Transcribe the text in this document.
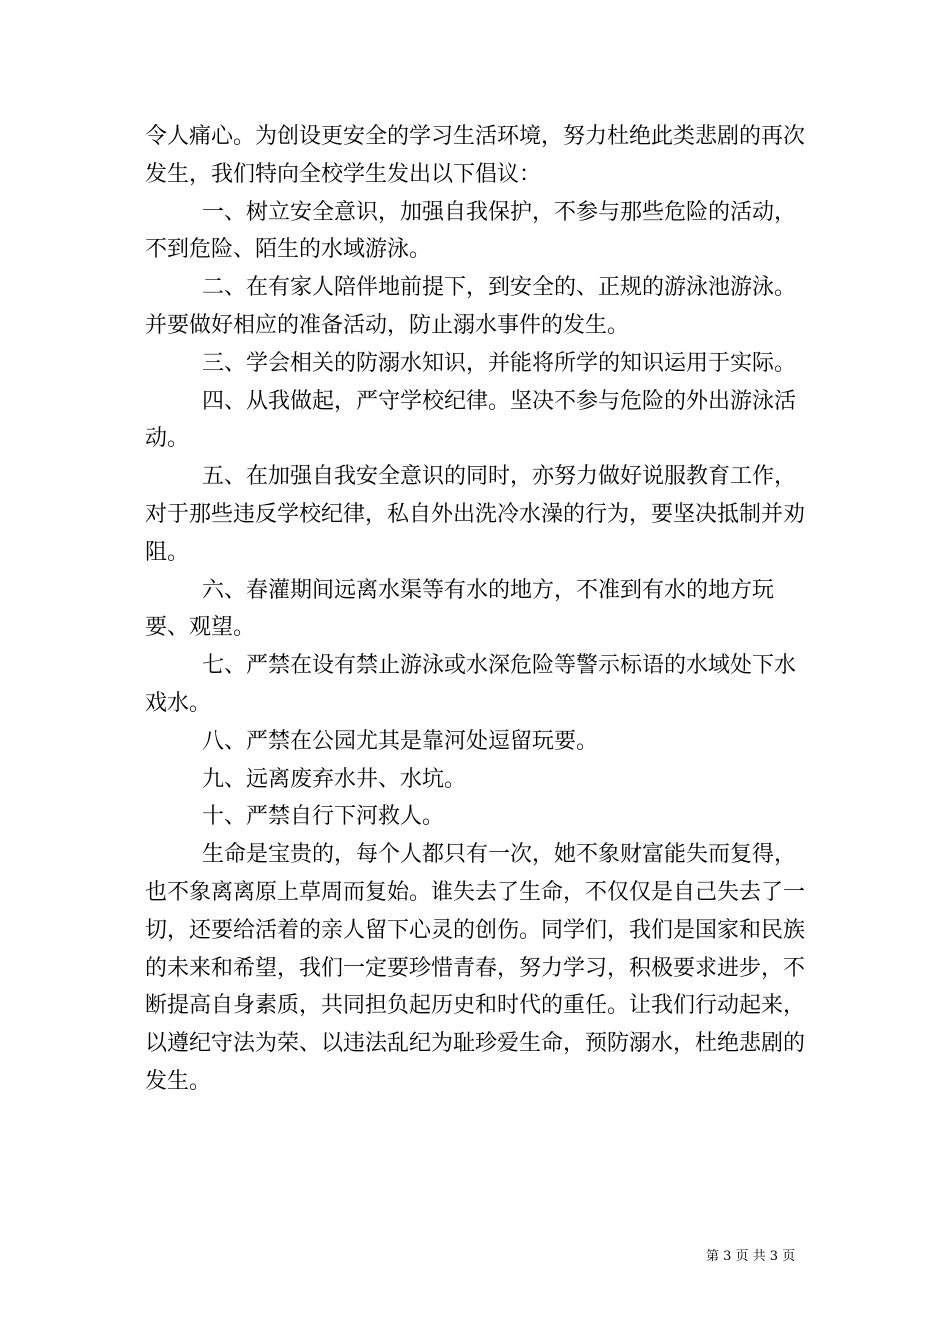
令人痛心。为创设更安全的学习生活环境，努力杜绝此类悲剧的再次发生，我们特向全校学生发出以下倡议：

一、树立安全意识，加强自我保护，不参与那些危险的活动，不到危险、陌生的水域游泳。

二、在有家人陪伴地前提下，到安全的、正规的游泳池游泳。并要做好相应的准备活动，防止溺水事件的发生。

三、学会相关的防溺水知识，并能将所学的知识运用于实际。

四、从我做起，严守学校纪律。坚决不参与危险的外出游泳活动。

五、在加强自我安全意识的同时，亦努力做好说服教育工作，对于那些违反学校纪律，私自外出洗冷水澡的行为，要坚决抵制并劝阻。

六、春灌期间远离水渠等有水的地方，不准到有水的地方玩要、观望。

七、严禁在设有禁止游泳或水深危险等警示标语的水域处下水戏水。

八、严禁在公园尤其是靠河处逗留玩要。

九、远离废弃水井、水坑。

十、严禁自行下河救人。

生命是宝贵的，每个人都只有一次，她不象财富能失而复得，也不象离离原上草周而复始。谁失去了生命，不仅仅是自己失去了一切，还要给活着的亲人留下心灵的创伤。同学们，我们是国家和民族的未来和希望，我们一定要珍惜青春，努力学习，积极要求进步，不断提高自身素质，共同担负起历史和时代的重任。让我们行动起来，以遵纪守法为荣、以违法乱纪为耻珍爱生命，预防溺水，杜绝悲剧的发生。

第 3 页 共 3 页
